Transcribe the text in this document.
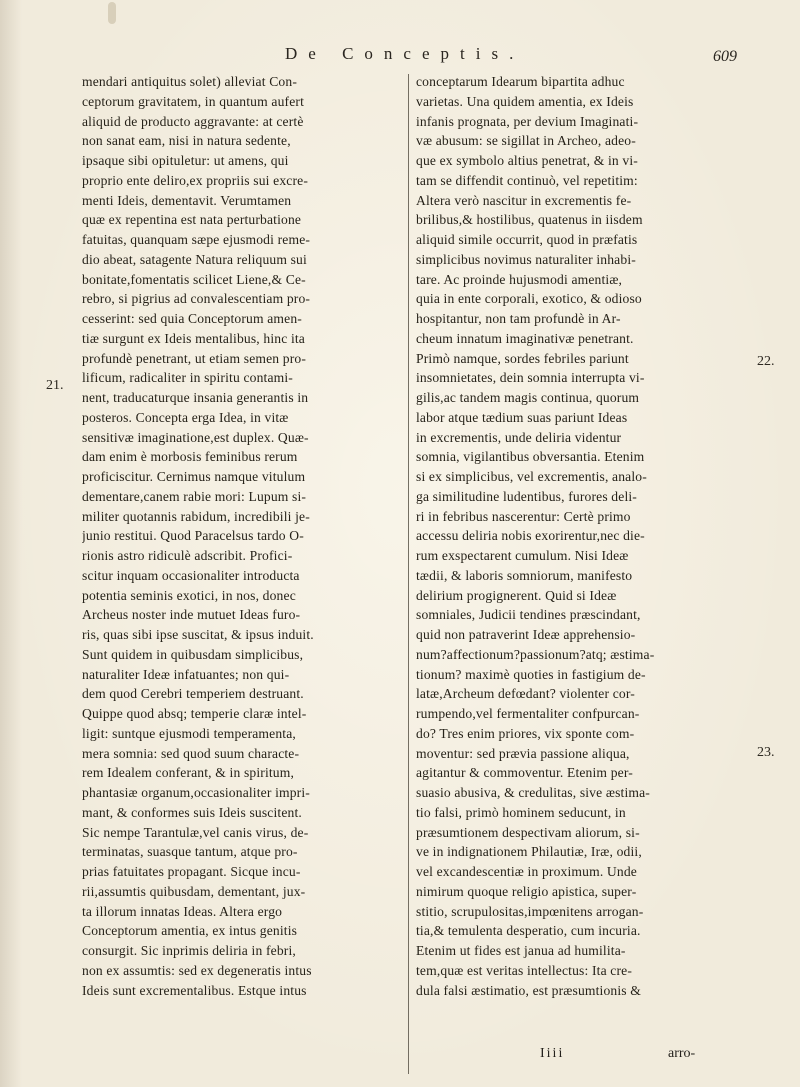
De Conceptis.	609
mendari antiquitus solet) alleviat Con-
ceptorum gravitatem, in quantum aufert
aliquid de producto aggravante: at certè
non sanat eam, nisi in natura sedente,
ipsaque sibi opituletur: ut amens, qui
proprio ente deliro,ex propriis sui excre-
menti Ideis, dementavit. Verumtamen
quæ ex repentina est nata perturbatione
fatuitas, quanquam sæpe ejusmodi reme-
dio abeat, satagente Natura reliquum sui
bonitate,fomentatis scilicet Liene,& Ce-
rebro, si pigrius ad convalescentiam pro-
cesserint: sed quia Conceptorum amen-
tiæ surgunt ex Ideis mentalibus, hinc ita
profundè penetrant, ut etiam semen pro-
lificum, radicaliter in spiritu contami-
nent, traducaturque insania generantis in
posteros. Concepta erga Idea, in vitæ
sensitivæ imaginatione,est duplex. Quæ-
dam enim è morbosis feminibus rerum
proficiscitur. Cernimus namque vitulum
dementare,canem rabie mori: Lupum si-
militer quotannis rabidum, incredibili je-
junio restitui. Quod Paracelsus tardo O-
rionis astro ridiculè adscribit. Profici-
scitur inquam occasionaliter introducta
potentia seminis exotici, in nos, donec
Archeus noster inde mutuet Ideas furo-
ris, quas sibi ipse suscitat, & ipsus induit.
Sunt quidem in quibusdam simplicibus,
naturaliter Ideæ infatuantes; non qui-
dem quod Cerebri temperiem destruant.
Quippe quod absq; temperie claræ intel-
ligit: suntque ejusmodi temperamenta,
mera somnia: sed quod suum characte-
rem Idealem conferant, & in spiritum,
phantasiæ organum,occasionaliter impri-
mant, & conformes suis Ideis suscitent.
Sic nempe Tarantulæ,vel canis virus, de-
terminatas, suasque tantum, atque pro-
prias fatuitates propagant. Sicque incu-
rii,assumtis quibusdam, dementant, jux-
ta illorum innatas Ideas. Altera ergo
Conceptorum amentia, ex intus genitis
consurgit. Sic inprimis deliria in febri,
non ex assumtis: sed ex degeneratis intus
Ideis sunt excrementalibus. Estque intus
conceptarum Idearum bipartita adhuc
varietas. Una quidem amentia, ex Ideis
infanis prognata, per devium Imaginati-
væ abusum: se sigillat in Archeo, adeo-
que ex symbolo altius penetrat, & in vi-
tam se diffendit continuò, vel repetitim:
Altera verò nascitur in excrementis fe-
brilibus,& hostilibus, quatenus in iisdem
aliquid simile occurrit, quod in præfatis
simplicibus novimus naturaliter inhabi-
tare. Ac proinde hujusmodi amentiæ,
quia in ente corporali, exotico, & odioso
hospitantur, non tam profundè in Ar-
cheum innatum imaginativæ penetrant.
Primò namque, sordes febriles pariunt
insomnietates, dein somnia interrupta vi-
gilis,ac tandem magis continua, quorum
labor atque tædium suas pariunt Ideas
in excrementis, unde deliria videntur
somnia, vigilantibus obversantia. Etenim
si ex simplicibus, vel excrementis, analo-
ga similitudine ludentibus, furores deli-
ri in febribus nascerentur: Certè primo
accessu deliria nobis exorirentur,nec die-
rum exspectarent cumulum. Nisi Ideæ
tædii, & laboris somniorum, manifesto
delirium progignerent. Quid si Ideæ
somniales, Judicii tendines præscindant,
quid non patraverint Ideæ apprehensio-
num?affectionum?passionum?atq; æstima-
tionum? maximè quoties in fastigium de-
latæ,Archeum defœdant? violenter cor-
rumpendo,vel fermentaliter confpurcan-
do? Tres enim priores, vix sponte com-
moventur: sed prævia passione aliqua,
agitantur & commoventur. Etenim per-
suasio abusiva, & credulitas, sive æstima-
tio falsi, primò hominem seducunt, in
præsumtionem despectivam aliorum, si-
ve in indignationem Philautiæ, Iræ, odii,
vel excandescentiæ in proximum. Unde
nimirum quoque religio apistica, super-
stitio, scrupulositas,impœnitens arrogan-
tia,& temulenta desperatio, cum incuria.
Etenim ut fides est janua ad humilita-
tem,quæ est veritas intellectus: Ita cre-
dula falsi æstimatio, est præsumtionis &
21.
22.
23.
Iiii	arro-
